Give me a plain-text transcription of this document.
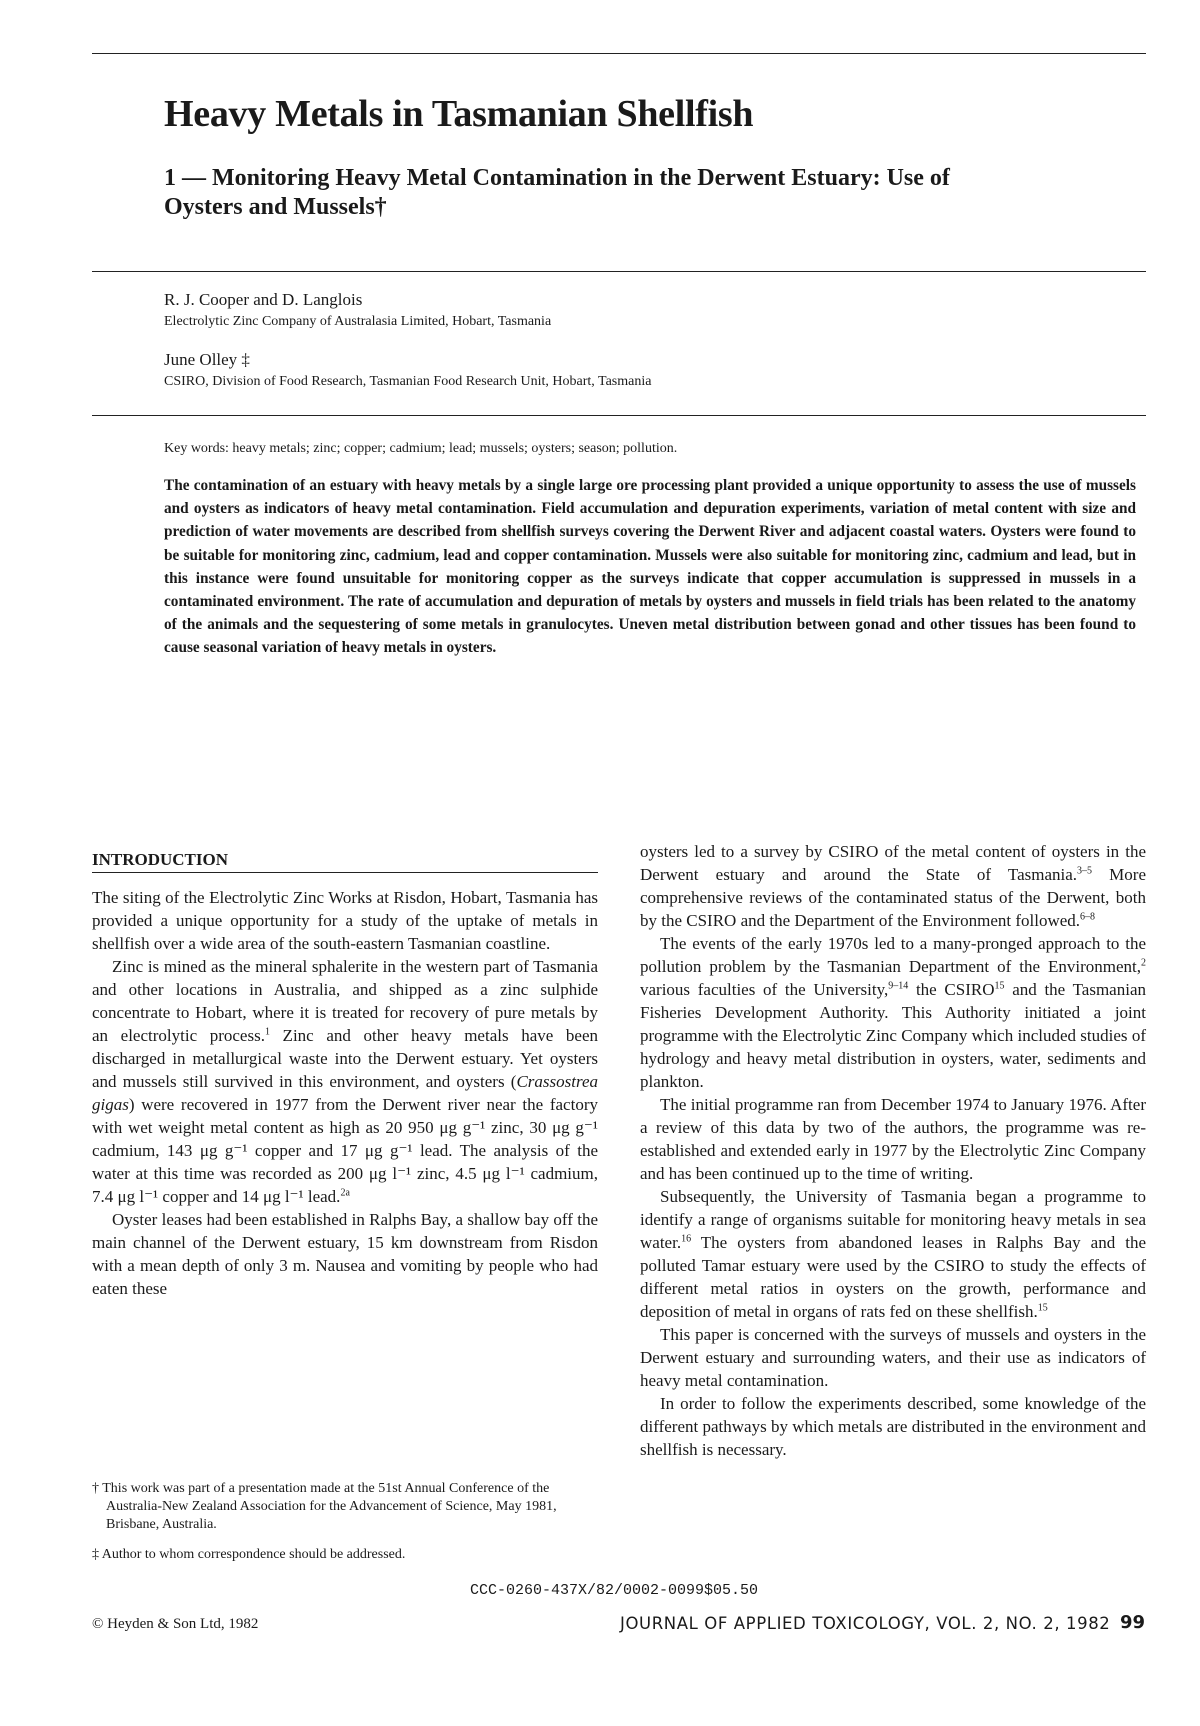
Heavy Metals in Tasmanian Shellfish
1 — Monitoring Heavy Metal Contamination in the Derwent Estuary: Use of Oysters and Mussels†
R. J. Cooper and D. Langlois
Electrolytic Zinc Company of Australasia Limited, Hobart, Tasmania
June Olley ‡
CSIRO, Division of Food Research, Tasmanian Food Research Unit, Hobart, Tasmania
Key words: heavy metals; zinc; copper; cadmium; lead; mussels; oysters; season; pollution.

The contamination of an estuary with heavy metals by a single large ore processing plant provided a unique opportunity to assess the use of mussels and oysters as indicators of heavy metal contamination. Field accumulation and depuration experiments, variation of metal content with size and prediction of water movements are described from shellfish surveys covering the Derwent River and adjacent coastal waters. Oysters were found to be suitable for monitoring zinc, cadmium, lead and copper contamination. Mussels were also suitable for monitoring zinc, cadmium and lead, but in this instance were found unsuitable for monitoring copper as the surveys indicate that copper accumulation is suppressed in mussels in a contaminated environment. The rate of accumulation and depuration of metals by oysters and mussels in field trials has been related to the anatomy of the animals and the sequestering of some metals in granulocytes. Uneven metal distribution between gonad and other tissues has been found to cause seasonal variation of heavy metals in oysters.

INTRODUCTION

The siting of the Electrolytic Zinc Works at Risdon, Hobart, Tasmania has provided a unique opportunity for a study of the uptake of metals in shellfish over a wide area of the south-eastern Tasmanian coastline.

Zinc is mined as the mineral sphalerite in the western part of Tasmania and other locations in Australia, and shipped as a zinc sulphide concentrate to Hobart, where it is treated for recovery of pure metals by an electrolytic process.$^1$ Zinc and other heavy metals have been discharged in metallurgical waste into the Derwent estuary. Yet oysters and mussels still survived in this environment, and oysters (Crassostrea gigas) were recovered in 1977 from the Derwent river near the factory with wet weight metal content as high as 20 950 μg g⁻¹ zinc, 30 μg g⁻¹ cadmium, 143 μg g⁻¹ copper and 17 μg g⁻¹ lead. The analysis of the water at this time was recorded as 200 μg l⁻¹ zinc, 4.5 μg l⁻¹ cadmium, 7.4 μg l⁻¹ copper and 14 μg l⁻¹ lead.$^{2a}$

Oyster leases had been established in Ralphs Bay, a shallow bay off the main channel of the Derwent estuary, 15 km downstream from Risdon with a mean depth of only 3 m. Nausea and vomiting by people who had eaten these

† This work was part of a presentation made at the 51st Annual Conference of the Australia-New Zealand Association for the Advancement of Science, May 1981, Brisbane, Australia.

‡ Author to whom correspondence should be addressed.

oysters led to a survey by CSIRO of the metal content of oysters in the Derwent estuary and around the State of Tasmania.$^{3-5}$ More comprehensive reviews of the contaminated status of the Derwent, both by the CSIRO and the Department of the Environment followed.$^{6-8}$

The events of the early 1970s led to a many-pronged approach to the pollution problem by the Tasmanian Department of the Environment,$^2$ various faculties of the University,$^{9-14}$ the CSIRO$^{15}$ and the Tasmanian Fisheries Development Authority. This Authority initiated a joint programme with the Electrolytic Zinc Company which included studies of hydrology and heavy metal distribution in oysters, water, sediments and plankton.

The initial programme ran from December 1974 to January 1976. After a review of this data by two of the authors, the programme was re-established and extended early in 1977 by the Electrolytic Zinc Company and has been continued up to the time of writing.

Subsequently, the University of Tasmania began a programme to identify a range of organisms suitable for monitoring heavy metals in sea water.$^{16}$ The oysters from abandoned leases in Ralphs Bay and the polluted Tamar estuary were used by the CSIRO to study the effects of different metal ratios in oysters on the growth, performance and deposition of metal in organs of rats fed on these shellfish.$^{15}$

This paper is concerned with the surveys of mussels and oysters in the Derwent estuary and surrounding waters, and their use as indicators of heavy metal contamination.

In order to follow the experiments described, some knowledge of the different pathways by which metals are distributed in the environment and shellfish is necessary.

CCC-0260-437X/82/0002-0099$05.50
© Heyden & Son Ltd, 1982	JOURNAL OF APPLIED TOXICOLOGY, VOL. 2, NO. 2, 1982 99
